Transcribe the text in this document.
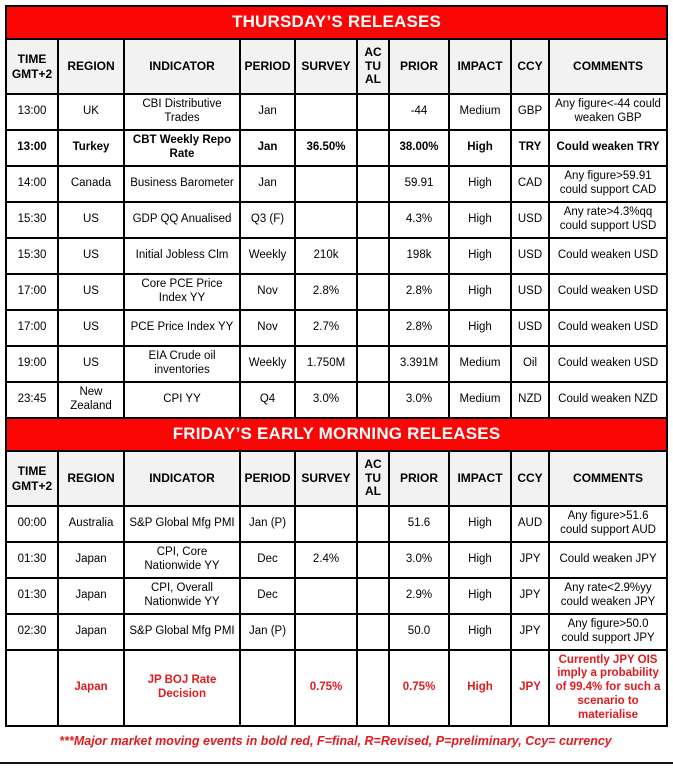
THURSDAY’S RELEASES									
TIME GMT+2	REGION	INDICATOR	PERIOD	SURVEY	ACTUAL	PRIOR	IMPACT	CCY	COMMENTS
13:00	UK	CBI Distributive Trades	Jan			-44	Medium	GBP	Any figure<-44 could weaken GBP
13:00	Turkey	CBT Weekly Repo Rate	Jan	36.50%		38.00%	High	TRY	Could weaken TRY
14:00	Canada	Business Barometer	Jan			59.91	High	CAD	Any figure>59.91 could support CAD
15:30	US	GDP QQ Anualised	Q3 (F)			4.3%	High	USD	Any rate>4.3%qq could support USD
15:30	US	Initial Jobless Clm	Weekly	210k		198k	High	USD	Could weaken USD
17:00	US	Core PCE Price Index YY	Nov	2.8%		2.8%	High	USD	Could weaken USD
17:00	US	PCE Price Index YY	Nov	2.7%		2.8%	High	USD	Could weaken USD
19:00	US	EIA Crude oil inventories	Weekly	1.750M		3.391M	Medium	Oil	Could weaken USD
23:45	New Zealand	CPI YY	Q4	3.0%		3.0%	Medium	NZD	Could weaken NZD
FRIDAY’S EARLY MORNING RELEASES									
TIME GMT+2	REGION	INDICATOR	PERIOD	SURVEY	ACTUAL	PRIOR	IMPACT	CCY	COMMENTS
00:00	Australia	S&P Global Mfg PMI	Jan (P)			51.6	High	AUD	Any figure>51.6 could support AUD
01:30	Japan	CPI, Core Nationwide YY	Dec	2.4%		3.0%	High	JPY	Could weaken JPY
01:30	Japan	CPI, Overall Nationwide YY	Dec			2.9%	High	JPY	Any rate<2.9%yy could weaken JPY
02:30	Japan	S&P Global Mfg PMI	Jan (P)			50.0	High	JPY	Any figure>50.0 could support JPY
	Japan	JP BOJ Rate Decision		0.75%		0.75%	High	JPY	Currently JPY OIS imply a probability of 99.4% for such a scenario to materialise
***Major market moving events in bold red, F=final, R=Revised, P=preliminary, Ccy= currency
